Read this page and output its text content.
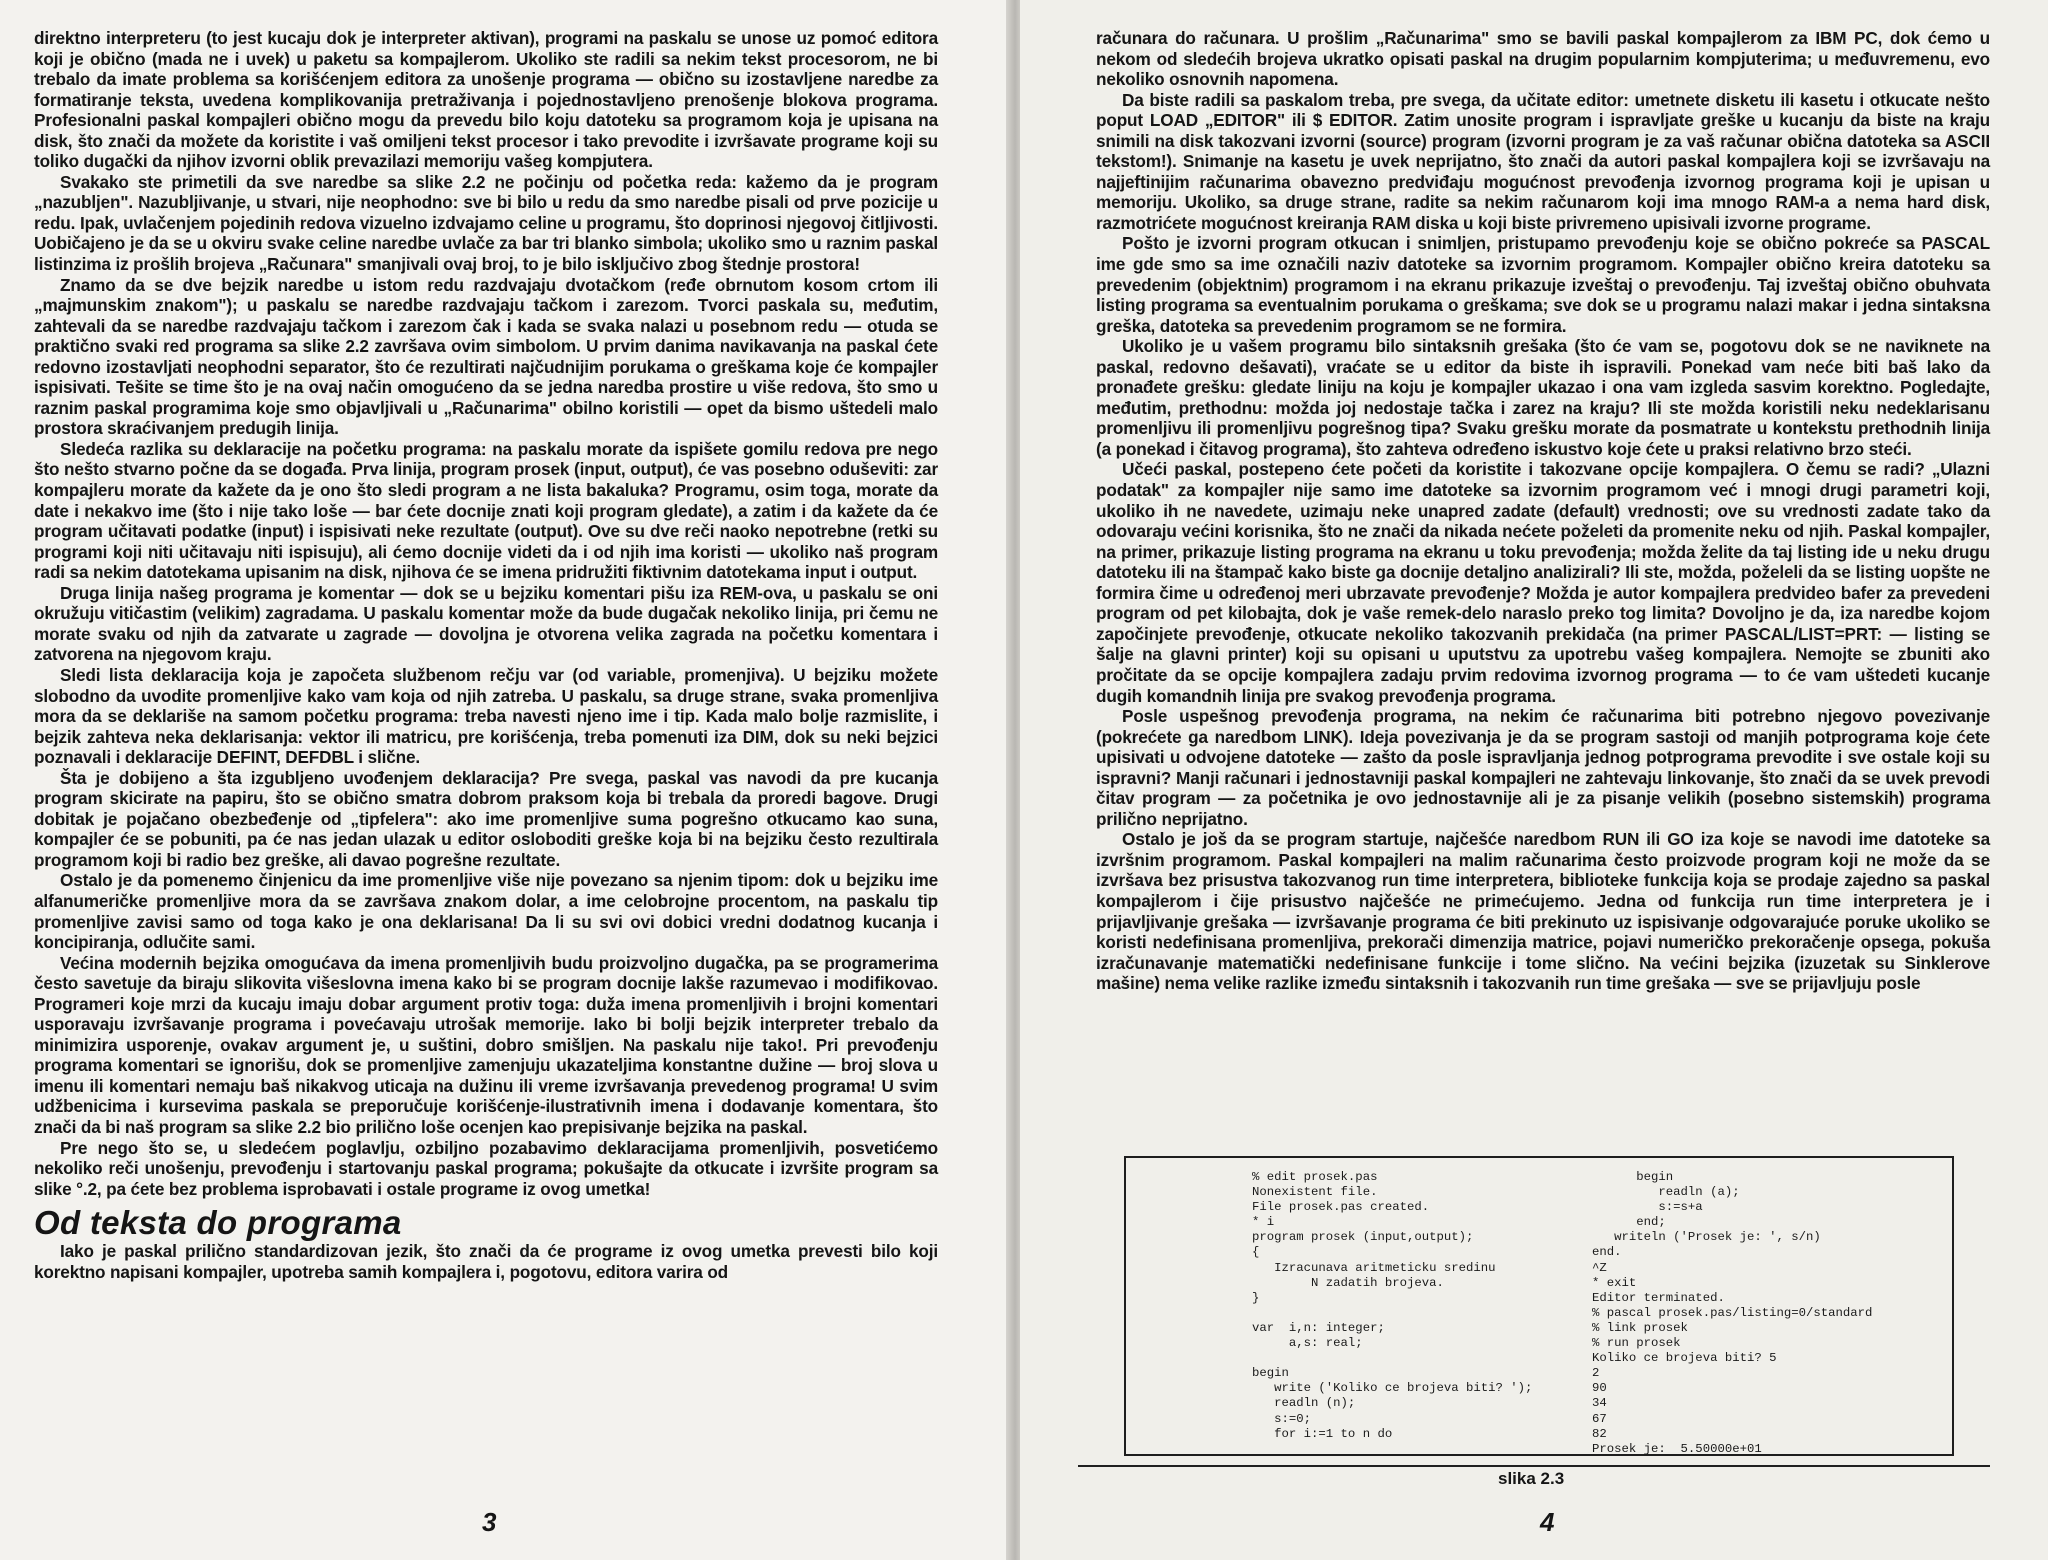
direktno interpreteru (to jest kucaju dok je interpreter aktivan), programi na paskalu se unose uz pomoć editora koji je obično (mada ne i uvek) u paketu sa kompajlerom. Ukoliko ste radili sa nekim tekst procesorom, ne bi trebalo da imate problema sa korišćenjem editora za unošenje programa — obično su izostavljene naredbe za formatiranje teksta, uvedena komplikovanija pretraživanja i pojednostavljeno prenošenje blokova programa. Profesionalni paskal kompajleri obično mogu da prevedu bilo koju datoteku sa programom koja je upisana na disk, što znači da možete da koristite i vaš omiljeni tekst procesor i tako prevodite i izvršavate programe koji su toliko dugački da njihov izvorni oblik prevazilazi memoriju vašeg kompjutera.

Svakako ste primetili da sve naredbe sa slike 2.2 ne počinju od početka reda: kažemo da je program „nazubljen". Nazubljivanje, u stvari, nije neophodno: sve bi bilo u redu da smo naredbe pisali od prve pozicije u redu. Ipak, uvlačenjem pojedinih redova vizuelno izdvajamo celine u programu, što doprinosi njegovoj čitljivosti. Uobičajeno je da se u okviru svake celine naredbe uvlače za bar tri blanko simbola; ukoliko smo u raznim paskal listinzima iz prošlih brojeva „Računara" smanjivali ovaj broj, to je bilo isključivo zbog štednje prostora!

Znamo da se dve bejzik naredbe u istom redu razdvajaju dvotačkom (ređe obrnutom kosom crtom ili „majmunskim znakom"); u paskalu se naredbe razdvajaju tačkom i zarezom. Tvorci paskala su, međutim, zahtevali da se naredbe razdvajaju tačkom i zarezom čak i kada se svaka nalazi u posebnom redu — otuda se praktično svaki red programa sa slike 2.2 završava ovim simbolom. U prvim danima navikavanja na paskal ćete redovno izostavljati neophodni separator, što će rezultirati najčudnijim porukama o greškama koje će kompajler ispisivati. Tešite se time što je na ovaj način omogućeno da se jedna naredba prostire u više redova, što smo u raznim paskal programima koje smo objavljivali u „Računarima" obilno koristili — opet da bismo uštedeli malo prostora skraćivanjem predugih linija.

Sledeća razlika su deklaracije na početku programa: na paskalu morate da ispišete gomilu redova pre nego što nešto stvarno počne da se događa. Prva linija, program prosek (input, output), će vas posebno oduševiti: zar kompajleru morate da kažete da je ono što sledi program a ne lista bakaluka? Programu, osim toga, morate da date i nekakvo ime (što i nije tako loše — bar ćete docnije znati koji program gledate), a zatim i da kažete da će program učitavati podatke (input) i ispisivati neke rezultate (output). Ove su dve reči naoko nepotrebne (retki su programi koji niti učitavaju niti ispisuju), ali ćemo docnije videti da i od njih ima koristi — ukoliko naš program radi sa nekim datotekama upisanim na disk, njihova će se imena pridružiti fiktivnim datotekama input i output.

Druga linija našeg programa je komentar — dok se u bejziku komentari pišu iza REM-ova, u paskalu se oni okružuju vitičastim (velikim) zagradama. U paskalu komentar može da bude dugačak nekoliko linija, pri čemu ne morate svaku od njih da zatvarate u zagrade — dovoljna je otvorena velika zagrada na početku komentara i zatvorena na njegovom kraju.

Sledi lista deklaracija koja je započeta službenom rečju var (od variable, promenjiva). U bejziku možete slobodno da uvodite promenljive kako vam koja od njih zatreba. U paskalu, sa druge strane, svaka promenljiva mora da se deklariše na samom početku programa: treba navesti njeno ime i tip. Kada malo bolje razmislite, i bejzik zahteva neka deklarisanja: vektor ili matricu, pre korišćenja, treba pomenuti iza DIM, dok su neki bejzici poznavali i deklaracije DEFINT, DEFDBL i slične.

Šta je dobijeno a šta izgubljeno uvođenjem deklaracija? Pre svega, paskal vas navodi da pre kucanja program skicirate na papiru, što se obično smatra dobrom praksom koja bi trebala da proredi bagove. Drugi dobitak je pojačano obezbeđenje od „tipfelera": ako ime promenljive suma pogrešno otkucamo kao suna, kompajler će se pobuniti, pa će nas jedan ulazak u editor osloboditi greške koja bi na bejziku često rezultirala programom koji bi radio bez greške, ali davao pogrešne rezultate.

Ostalo je da pomenemo činjenicu da ime promenljive više nije povezano sa njenim tipom: dok u bejziku ime alfanumeričke promenljive mora da se završava znakom dolar, a ime celobrojne procentom, na paskalu tip promenljive zavisi samo od toga kako je ona deklarisana! Da li su svi ovi dobici vredni dodatnog kucanja i koncipiranja, odlučite sami.

Većina modernih bejzika omogućava da imena promenljivih budu proizvoljno dugačka, pa se programerima često savetuje da biraju slikovita višeslovna imena kako bi se program docnije lakše razumevao i modifikovao. Programeri koje mrzi da kucaju imaju dobar argument protiv toga: duža imena promenljivih i brojni komentari usporavaju izvršavanje programa i povećavaju utrošak memorije. Iako bi bolji bejzik interpreter trebalo da minimizira usporenje, ovakav argument je, u suštini, dobro smišljen. Na paskalu nije tako!. Pri prevođenju programa komentari se ignorišu, dok se promenljive zamenjuju ukazateljima konstantne dužine — broj slova u imenu ili komentari nemaju baš nikakvog uticaja na dužinu ili vreme izvršavanja prevedenog programa! U svim udžbenicima i kursevima paskala se preporučuje korišćenje-ilustrativnih imena i dodavanje komentara, što znači da bi naš program sa slike 2.2 bio prilično loše ocenjen kao prepisivanje bejzika na paskal.

Pre nego što se, u sledećem poglavlju, ozbiljno pozabavimo deklaracijama promenljivih, posvetićemo nekoliko reči unošenju, prevođenju i startovanju paskal programa; pokušajte da otkucate i izvršite program sa slike °.2, pa ćete bez problema isprobavati i ostale programe iz ovog umetka!

Od teksta do programa

Iako je paskal prilično standardizovan jezik, što znači da će programe iz ovog umetka prevesti bilo koji korektno napisani kompajler, upotreba samih kompajlera i, pogotovu, editora varira od

3

računara do računara. U prošlim „Računarima" smo se bavili paskal kompajlerom za IBM PC, dok ćemo u nekom od sledećih brojeva ukratko opisati paskal na drugim popularnim kompjuterima; u međuvremenu, evo nekoliko osnovnih napomena.

Da biste radili sa paskalom treba, pre svega, da učitate editor: umetnete disketu ili kasetu i otkucate nešto poput LOAD „EDITOR" ili $ EDITOR. Zatim unosite program i ispravljate greške u kucanju da biste na kraju snimili na disk takozvani izvorni (source) program (izvorni program je za vaš računar obična datoteka sa ASCII tekstom!). Snimanje na kasetu je uvek neprijatno, što znači da autori paskal kompajlera koji se izvršavaju na najjeftinijim računarima obavezno predviđaju mogućnost prevođenja izvornog programa koji je upisan u memoriju. Ukoliko, sa druge strane, radite sa nekim računarom koji ima mnogo RAM-a a nema hard disk, razmotrićete mogućnost kreiranja RAM diska u koji biste privremeno upisivali izvorne programe.

Pošto je izvorni program otkucan i snimljen, pristupamo prevođenju koje se obično pokreće sa PASCAL ime gde smo sa ime označili naziv datoteke sa izvornim programom. Kompajler obično kreira datoteku sa prevedenim (objektnim) programom i na ekranu prikazuje izveštaj o prevođenju. Taj izveštaj obično obuhvata listing programa sa eventualnim porukama o greškama; sve dok se u programu nalazi makar i jedna sintaksna greška, datoteka sa prevedenim programom se ne formira.

Ukoliko je u vašem programu bilo sintaksnih grešaka (što će vam se, pogotovu dok se ne naviknete na paskal, redovno dešavati), vraćate se u editor da biste ih ispravili. Ponekad vam neće biti baš lako da pronađete grešku: gledate liniju na koju je kompajler ukazao i ona vam izgleda sasvim korektno. Pogledajte, međutim, prethodnu: možda joj nedostaje tačka i zarez na kraju? Ili ste možda koristili neku nedeklarisanu promenljivu ili promenljivu pogrešnog tipa? Svaku grešku morate da posmatrate u kontekstu prethodnih linija (a ponekad i čitavog programa), što zahteva određeno iskustvo koje ćete u praksi relativno brzo steći.

Učeći paskal, postepeno ćete početi da koristite i takozvane opcije kompajlera. O čemu se radi? „Ulazni podatak" za kompajler nije samo ime datoteke sa izvornim programom već i mnogi drugi parametri koji, ukoliko ih ne navedete, uzimaju neke unapred zadate (default) vrednosti; ove su vrednosti zadate tako da odovaraju većini korisnika, što ne znači da nikada nećete poželeti da promenite neku od njih. Paskal kompajler, na primer, prikazuje listing programa na ekranu u toku prevođenja; možda želite da taj listing ide u neku drugu datoteku ili na štampač kako biste ga docnije detaljno analizirali? Ili ste, možda, poželeli da se listing uopšte ne formira čime u određenoj meri ubrzavate prevođenje? Možda je autor kompajlera predvideo bafer za prevedeni program od pet kilobajta, dok je vaše remek-delo naraslo preko tog limita? Dovoljno je da, iza naredbe kojom započinjete prevođenje, otkucate nekoliko takozvanih prekidača (na primer PASCAL/LIST=PRT: — listing se šalje na glavni printer) koji su opisani u uputstvu za upotrebu vašeg kompajlera. Nemojte se zbuniti ako pročitate da se opcije kompajlera zadaju prvim redovima izvornog programa — to će vam uštedeti kucanje dugih komandnih linija pre svakog prevođenja programa.

Posle uspešnog prevođenja programa, na nekim će računarima biti potrebno njegovo povezivanje (pokrećete ga naredbom LINK). Ideja povezivanja je da se program sastoji od manjih potprograma koje ćete upisivati u odvojene datoteke — zašto da posle ispravljanja jednog potprograma prevodite i sve ostale koji su ispravni? Manji računari i jednostavniji paskal kompajleri ne zahtevaju linkovanje, što znači da se uvek prevodi čitav program — za početnika je ovo jednostavnije ali je za pisanje velikih (posebno sistemskih) programa prilično neprijatno.

Ostalo je još da se program startuje, najčešće naredbom RUN ili GO iza koje se navodi ime datoteke sa izvršnim programom. Paskal kompajleri na malim računarima često proizvode program koji ne može da se izvršava bez prisustva takozvanog run time interpretera, biblioteke funkcija koja se prodaje zajedno sa paskal kompajlerom i čije prisustvo najčešće ne primećujemo. Jedna od funkcija run time interpretera je i prijavljivanje grešaka — izvršavanje programa će biti prekinuto uz ispisivanje odgovarajuće poruke ukoliko se koristi nedefinisana promenljiva, prekorači dimenzija matrice, pojavi numeričko prekoračenje opsega, pokuša izračunavanje matematički nedefinisane funkcije i tome slično. Na većini bejzika (izuzetak su Sinklerove mašine) nema velike razlike između sintaksnih i takozvanih run time grešaka — sve se prijavljuju posle

% edit prosek.pas
Nonexistent file.
File prosek.pas created.
* i
program prosek (input,output);
{
Izracunava aritmeticku sredinu
N zadatih brojeva.
}

var  i,n: integer;
a,s: real;

begin
write ('Koliko ce brojeva biti? ');
readln (n);
s:=0;
for i:=1 to n do
begin
readln (a);
s:=s+a
end;
writeln ('Prosek je: ', s/n)
end.
^Z
* exit
Editor terminated.
% pascal prosek.pas/listing=0/standard
% link prosek
% run prosek
Koliko ce brojeva biti? 5
2
90
34
67
82
Prosek je:  5.50000e+01
slika 2.3
4
